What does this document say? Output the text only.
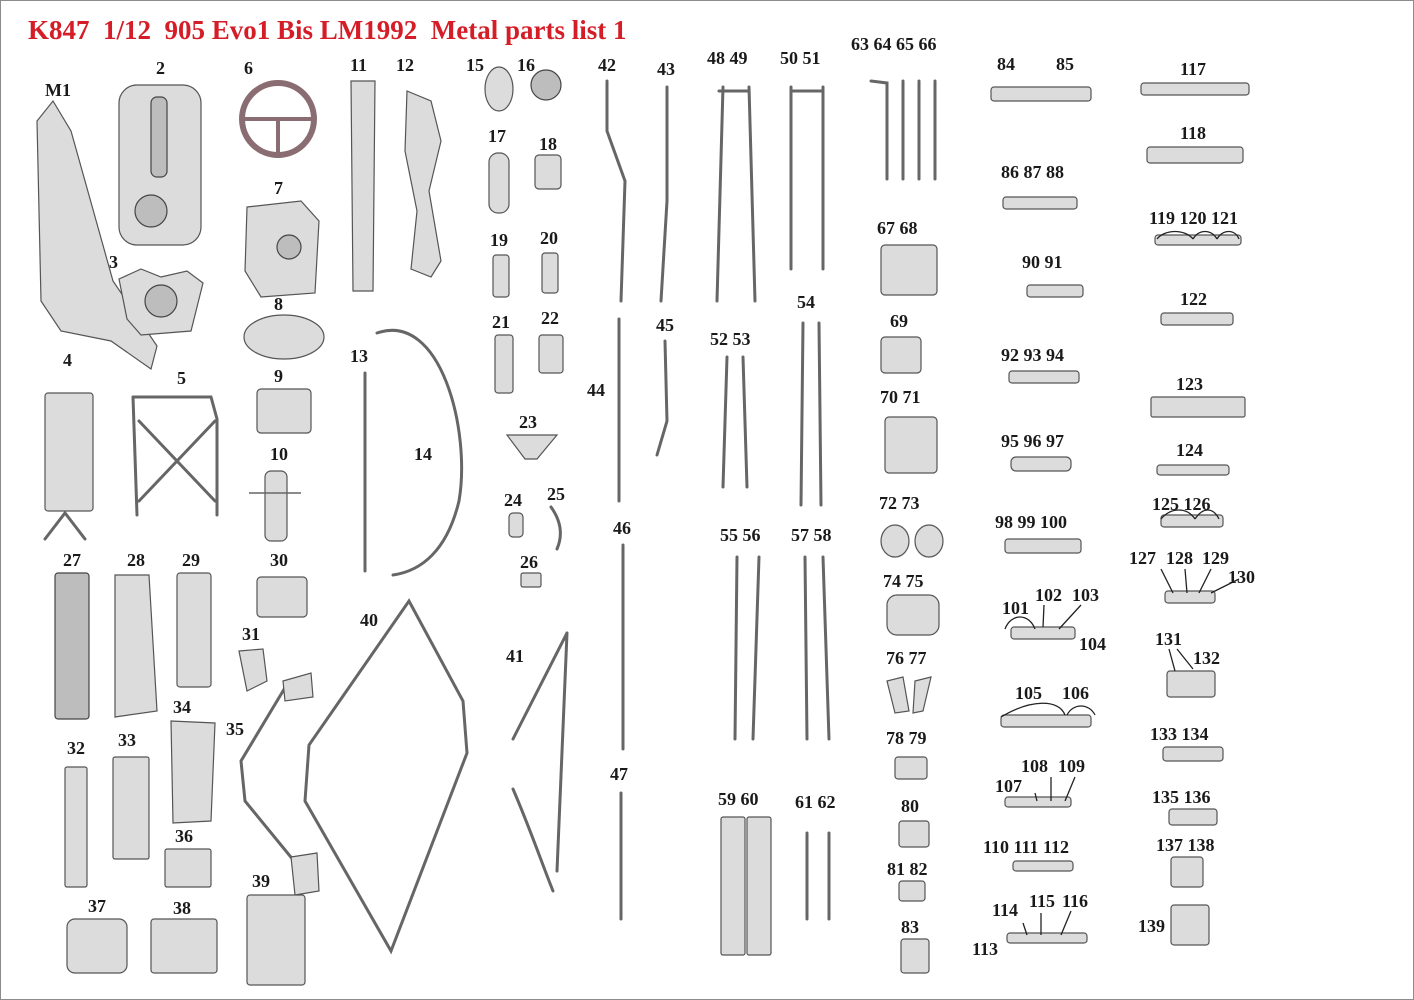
K847  1/12  905 Evo1 Bis LM1992  Metal parts list 1
M1
2
3
4
5
6
7
8
9
10
11 12
13
14
15 16
17 18
19 20
21 22
23
24 25
26
27	28 29	30
31
32 33
34
35
36
37	38
39
40
41
42 43
44
45
46
47
48 49 50 51
52 53
54
55 56 57 58
59 60 61 62
63 64 65 66
67 68
69
70 71
72 73
74 75
76 77
78 79
80
81 82
83
84 85
86 87 88
90 91
92 93 94
95 96 97
98 99 100
101
102 103
104
105 106
107
108 109
110 111 112
113
114 115 116
117
118
119 120 121
122
123
124
125 126
127 128 129
130
131
132
133 134
135 136
137 138
139
